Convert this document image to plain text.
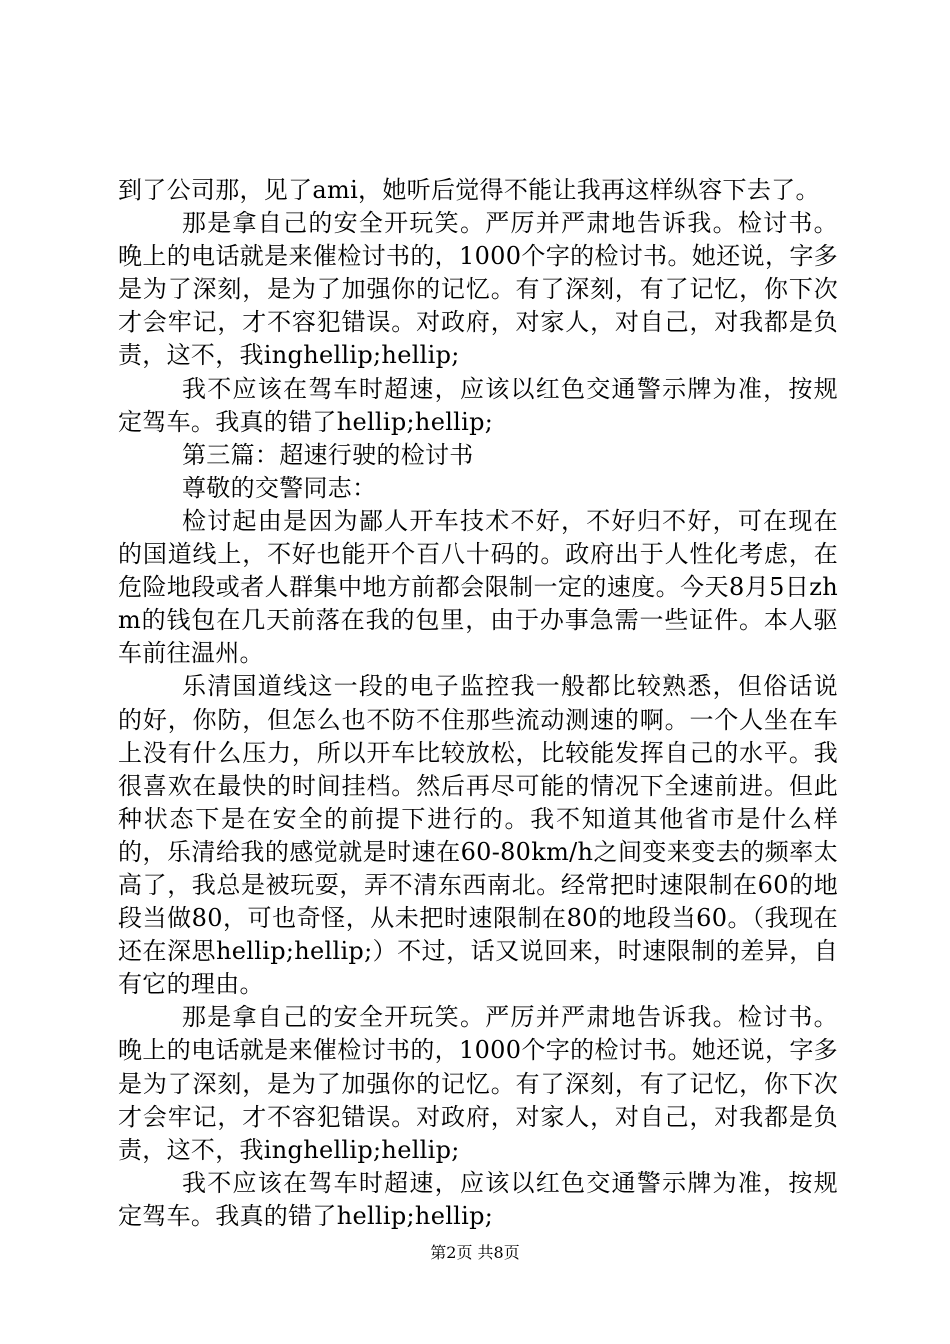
到了公司那，见了ami，她听后觉得不能让我再这样纵容下去了。

那是拿自己的安全开玩笑。严厉并严肃地告诉我。检讨书。晚上的电话就是来催检讨书的，1000个字的检讨书。她还说，字多是为了深刻，是为了加强你的记忆。有了深刻，有了记忆，你下次才会牢记，才不容犯错误。对政府，对家人，对自己，对我都是负责，这不，我inghellip;hellip;

我不应该在驾车时超速，应该以红色交通警示牌为准，按规定驾车。我真的错了hellip;hellip;

第三篇：超速行驶的检讨书

尊敬的交警同志：

检讨起由是因为鄙人开车技术不好，不好归不好，可在现在的国道线上，不好也能开个百八十码的。政府出于人性化考虑，在危险地段或者人群集中地方前都会限制一定的速度。今天8月5日zhm的钱包在几天前落在我的包里，由于办事急需一些证件。本人驱车前往温州。

乐清国道线这一段的电子监控我一般都比较熟悉，但俗话说的好，你防，但怎么也不防不住那些流动测速的啊。一个人坐在车上没有什么压力，所以开车比较放松，比较能发挥自己的水平。我很喜欢在最快的时间挂档。然后再尽可能的情况下全速前进。但此种状态下是在安全的前提下进行的。我不知道其他省市是什么样的，乐清给我的感觉就是时速在60-80km/h之间变来变去的频率太高了，我总是被玩耍，弄不清东西南北。经常把时速限制在60的地段当做80，可也奇怪，从未把时速限制在80的地段当60。（我现在还在深思hellip;hellip;）不过，话又说回来，时速限制的差异，自有它的理由。

那是拿自己的安全开玩笑。严厉并严肃地告诉我。检讨书。晚上的电话就是来催检讨书的，1000个字的检讨书。她还说，字多是为了深刻，是为了加强你的记忆。有了深刻，有了记忆，你下次才会牢记，才不容犯错误。对政府，对家人，对自己，对我都是负责，这不，我inghellip;hellip;

我不应该在驾车时超速，应该以红色交通警示牌为准，按规定驾车。我真的错了hellip;hellip;

第2页 共8页
